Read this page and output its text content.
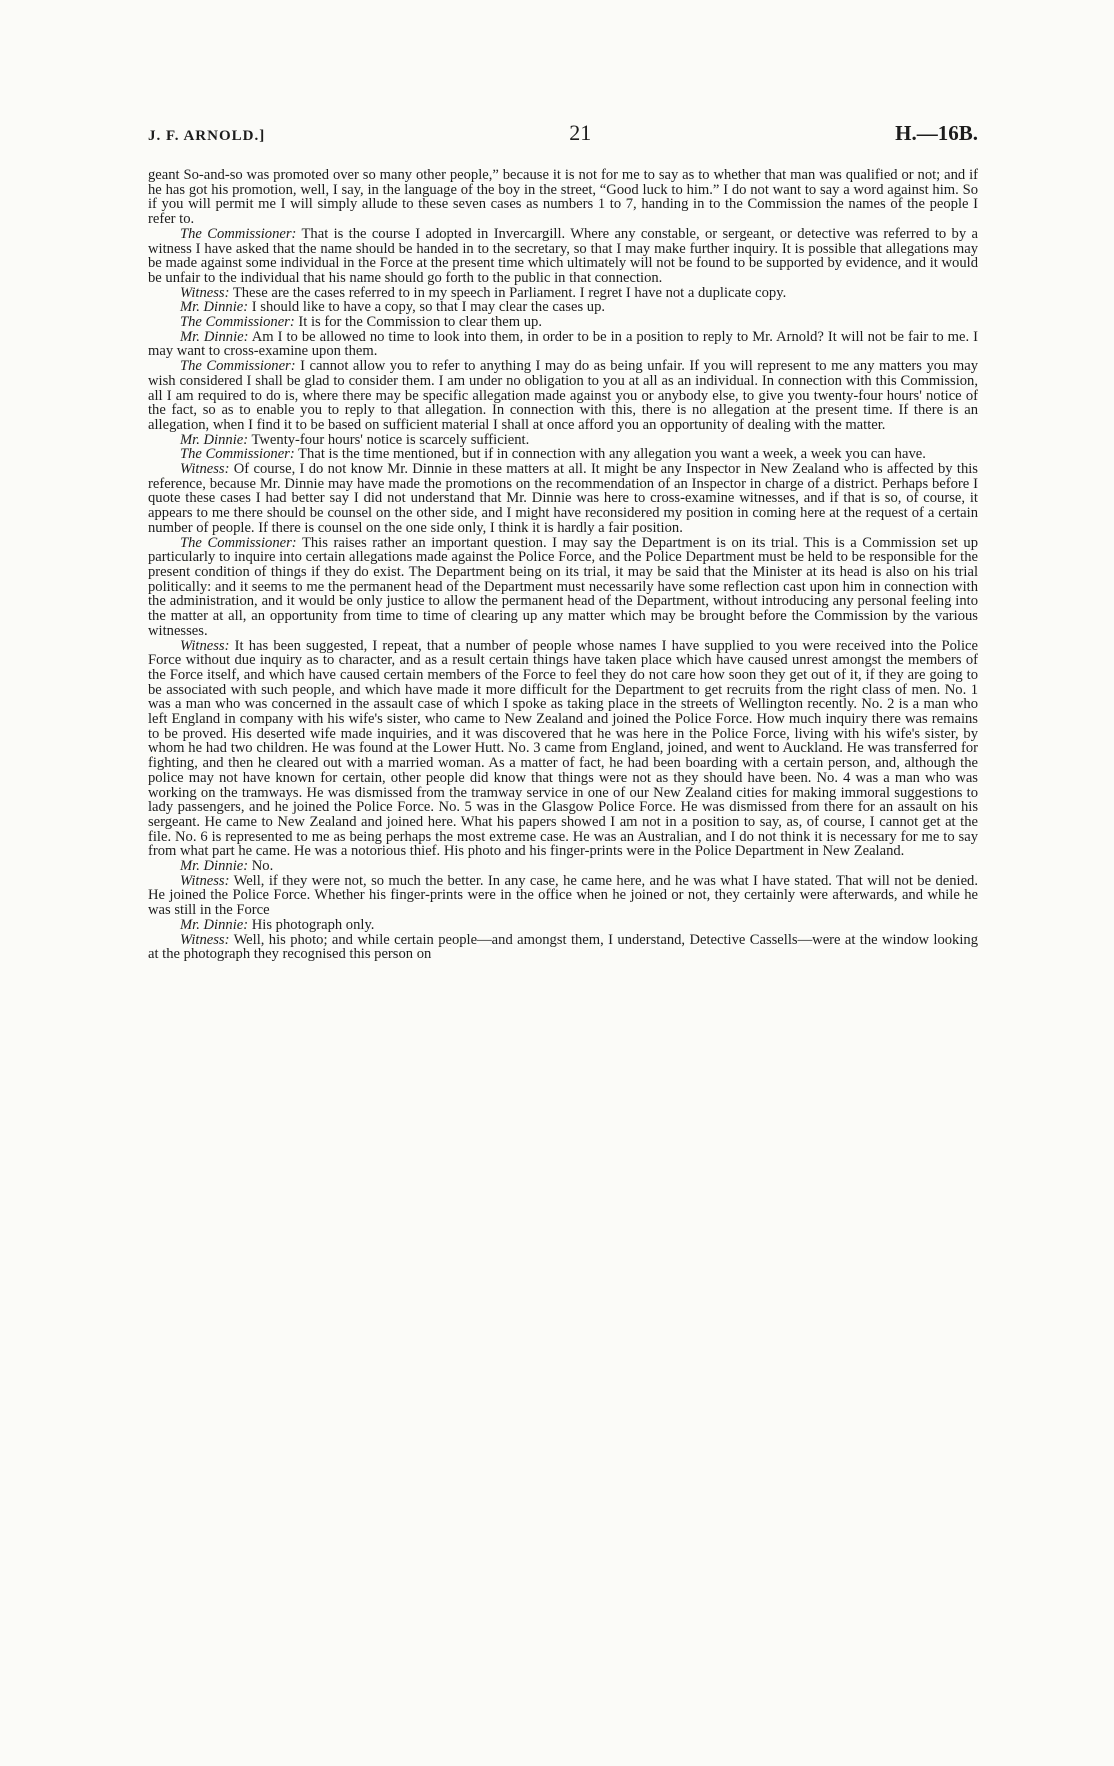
J. F. ARNOLD.]	21	H.—16B.

geant So-and-so was promoted over so many other people,” because it is not for me to say as to whether that man was qualified or not; and if he has got his promotion, well, I say, in the language of the boy in the street, “Good luck to him.” I do not want to say a word against him. So if you will permit me I will simply allude to these seven cases as numbers 1 to 7, handing in to the Commission the names of the people I refer to.

The Commissioner: That is the course I adopted in Invercargill. Where any constable, or sergeant, or detective was referred to by a witness I have asked that the name should be handed in to the secretary, so that I may make further inquiry. It is possible that allegations may be made against some individual in the Force at the present time which ultimately will not be found to be supported by evidence, and it would be unfair to the individual that his name should go forth to the public in that connection.

Witness: These are the cases referred to in my speech in Parliament. I regret I have not a duplicate copy.

Mr. Dinnie: I should like to have a copy, so that I may clear the cases up.

The Commissioner: It is for the Commission to clear them up.

Mr. Dinnie: Am I to be allowed no time to look into them, in order to be in a position to reply to Mr. Arnold? It will not be fair to me. I may want to cross-examine upon them.

The Commissioner: I cannot allow you to refer to anything I may do as being unfair. If you will represent to me any matters you may wish considered I shall be glad to consider them. I am under no obligation to you at all as an individual. In connection with this Commission, all I am required to do is, where there may be specific allegation made against you or anybody else, to give you twenty-four hours' notice of the fact, so as to enable you to reply to that allegation. In connection with this, there is no allegation at the present time. If there is an allegation, when I find it to be based on sufficient material I shall at once afford you an opportunity of dealing with the matter.

Mr. Dinnie: Twenty-four hours' notice is scarcely sufficient.

The Commissioner: That is the time mentioned, but if in connection with any allegation you want a week, a week you can have.

Witness: Of course, I do not know Mr. Dinnie in these matters at all. It might be any Inspector in New Zealand who is affected by this reference, because Mr. Dinnie may have made the promotions on the recommendation of an Inspector in charge of a district. Perhaps before I quote these cases I had better say I did not understand that Mr. Dinnie was here to cross-examine witnesses, and if that is so, of course, it appears to me there should be counsel on the other side, and I might have reconsidered my position in coming here at the request of a certain number of people. If there is counsel on the one side only, I think it is hardly a fair position.

The Commissioner: This raises rather an important question. I may say the Department is on its trial. This is a Commission set up particularly to inquire into certain allegations made against the Police Force, and the Police Department must be held to be responsible for the present condition of things if they do exist. The Department being on its trial, it may be said that the Minister at its head is also on his trial politically: and it seems to me the permanent head of the Department must necessarily have some reflection cast upon him in connection with the administration, and it would be only justice to allow the permanent head of the Department, without introducing any personal feeling into the matter at all, an opportunity from time to time of clearing up any matter which may be brought before the Commission by the various witnesses.

Witness: It has been suggested, I repeat, that a number of people whose names I have supplied to you were received into the Police Force without due inquiry as to character, and as a result certain things have taken place which have caused unrest amongst the members of the Force itself, and which have caused certain members of the Force to feel they do not care how soon they get out of it, if they are going to be associated with such people, and which have made it more difficult for the Department to get recruits from the right class of men. No. 1 was a man who was concerned in the assault case of which I spoke as taking place in the streets of Wellington recently. No. 2 is a man who left England in company with his wife's sister, who came to New Zealand and joined the Police Force. How much inquiry there was remains to be proved. His deserted wife made inquiries, and it was discovered that he was here in the Police Force, living with his wife's sister, by whom he had two children. He was found at the Lower Hutt. No. 3 came from England, joined, and went to Auckland. He was transferred for fighting, and then he cleared out with a married woman. As a matter of fact, he had been boarding with a certain person, and, although the police may not have known for certain, other people did know that things were not as they should have been. No. 4 was a man who was working on the tramways. He was dismissed from the tramway service in one of our New Zealand cities for making immoral suggestions to lady passengers, and he joined the Police Force. No. 5 was in the Glasgow Police Force. He was dismissed from there for an assault on his sergeant. He came to New Zealand and joined here. What his papers showed I am not in a position to say, as, of course, I cannot get at the file. No. 6 is represented to me as being perhaps the most extreme case. He was an Australian, and I do not think it is necessary for me to say from what part he came. He was a notorious thief. His photo and his finger-prints were in the Police Department in New Zealand.

Mr. Dinnie: No.

Witness: Well, if they were not, so much the better. In any case, he came here, and he was what I have stated. That will not be denied. He joined the Police Force. Whether his finger-prints were in the office when he joined or not, they certainly were afterwards, and while he was still in the Force

Mr. Dinnie: His photograph only.

Witness: Well, his photo; and while certain people—and amongst them, I understand, Detective Cassells—were at the window looking at the photograph they recognised this person on
